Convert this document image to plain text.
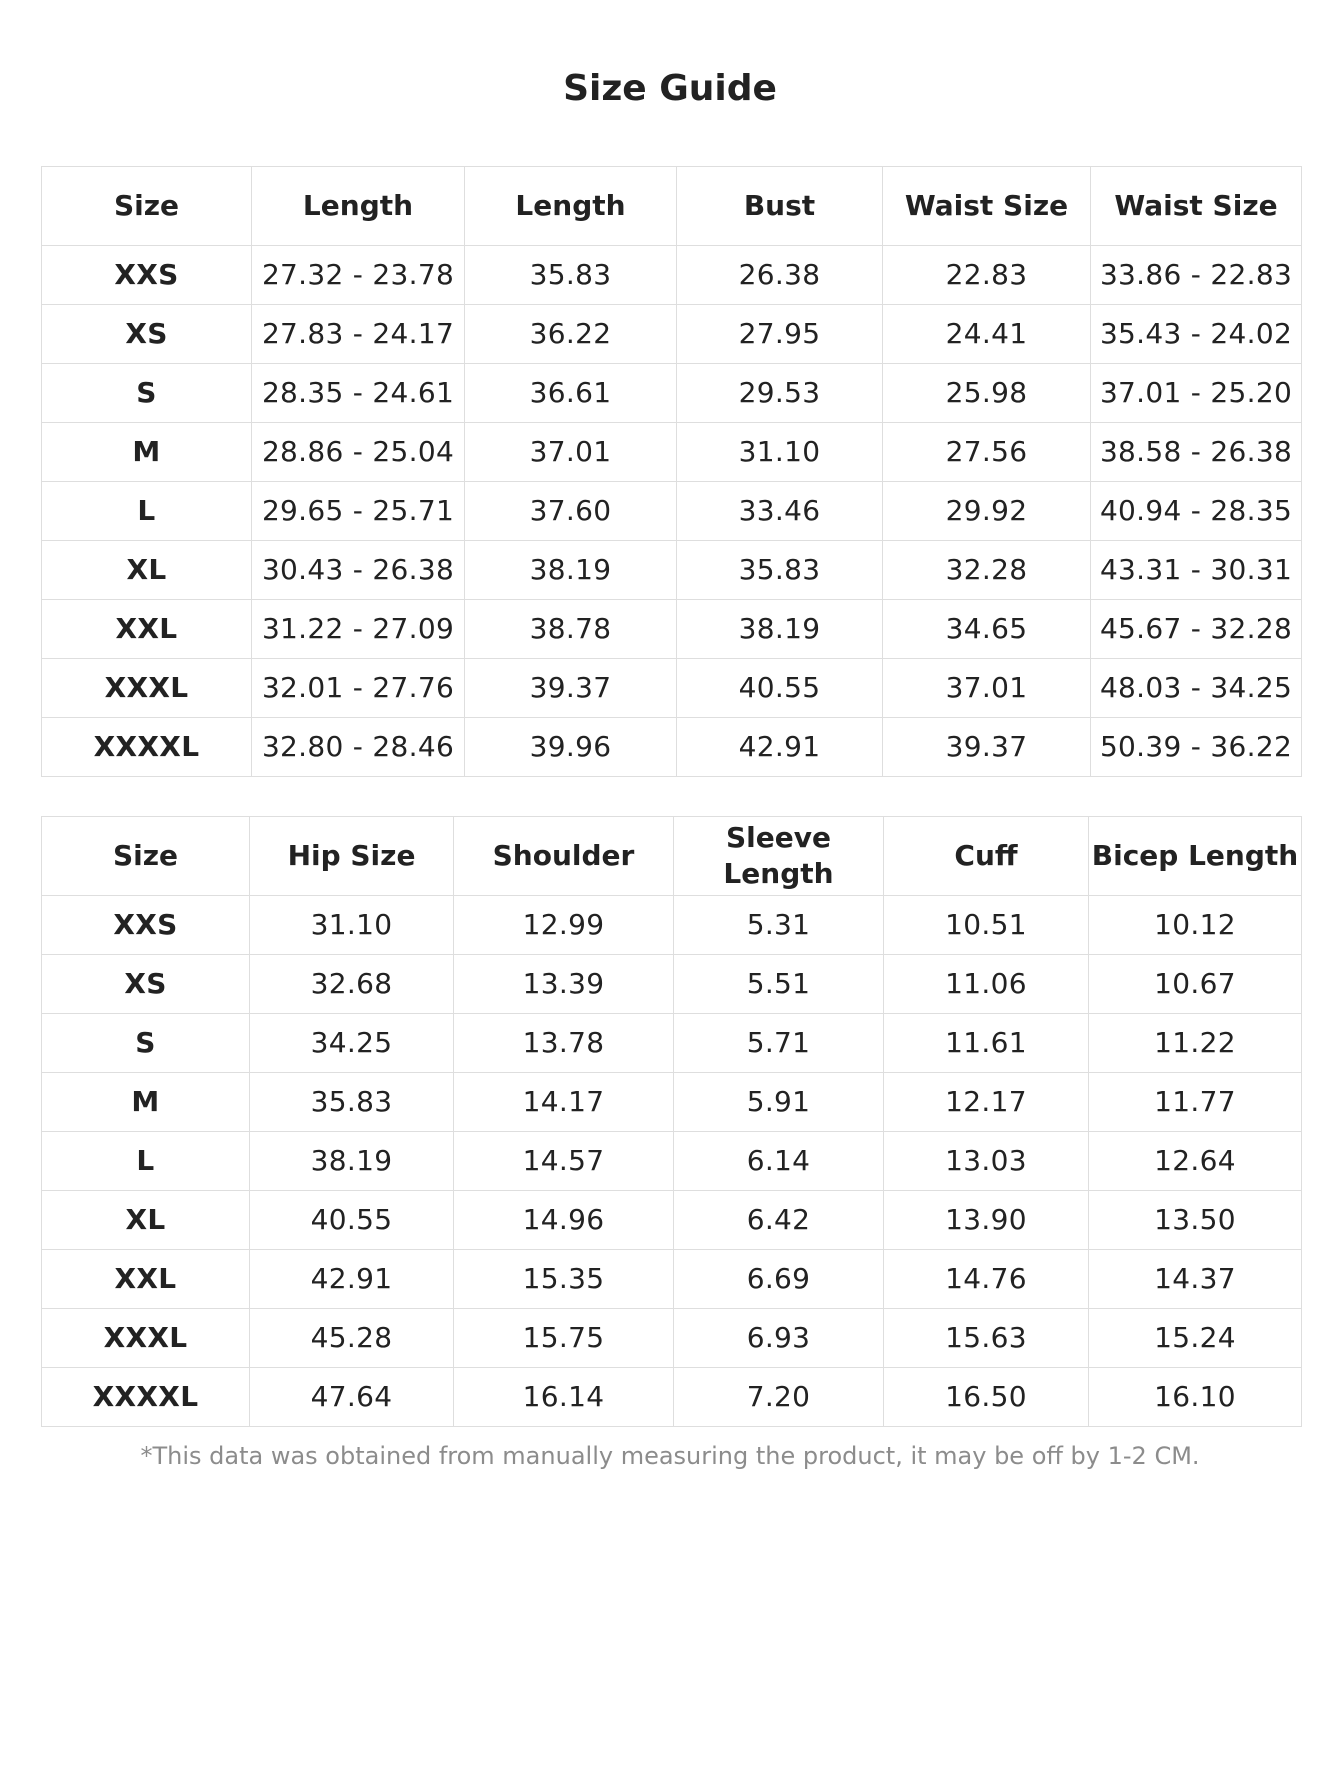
Size Guide
Size	Length	Length	Bust	Waist Size	Waist Size
XXS	27.32 - 23.78	35.83	26.38	22.83	33.86 - 22.83
XS	27.83 - 24.17	36.22	27.95	24.41	35.43 - 24.02
S	28.35 - 24.61	36.61	29.53	25.98	37.01 - 25.20
M	28.86 - 25.04	37.01	31.10	27.56	38.58 - 26.38
L	29.65 - 25.71	37.60	33.46	29.92	40.94 - 28.35
XL	30.43 - 26.38	38.19	35.83	32.28	43.31 - 30.31
XXL	31.22 - 27.09	38.78	38.19	34.65	45.67 - 32.28
XXXL	32.01 - 27.76	39.37	40.55	37.01	48.03 - 34.25
XXXXL	32.80 - 28.46	39.96	42.91	39.37	50.39 - 36.22
Size	Hip Size	Shoulder	Sleeve Length	Cuff	Bicep Length
XXS	31.10	12.99	5.31	10.51	10.12
XS	32.68	13.39	5.51	11.06	10.67
S	34.25	13.78	5.71	11.61	11.22
M	35.83	14.17	5.91	12.17	11.77
L	38.19	14.57	6.14	13.03	12.64
XL	40.55	14.96	6.42	13.90	13.50
XXL	42.91	15.35	6.69	14.76	14.37
XXXL	45.28	15.75	6.93	15.63	15.24
XXXXL	47.64	16.14	7.20	16.50	16.10
*This data was obtained from manually measuring the product, it may be off by 1-2 CM.
